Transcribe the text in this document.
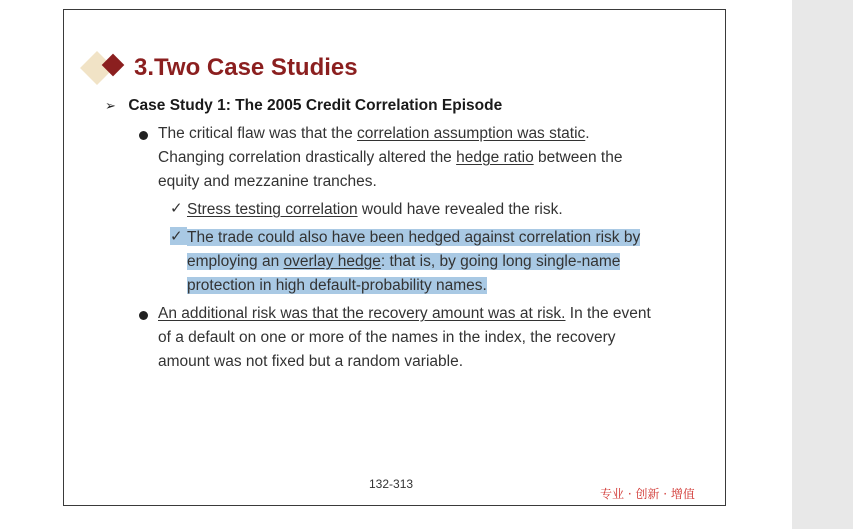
3.Two Case Studies
➢ Case Study 1: The 2005 Credit Correlation Episode
The critical flaw was that the correlation assumption was static.
Changing correlation drastically altered the hedge ratio between the
equity and mezzanine tranches.
✓ Stress testing correlation would have revealed the risk.
✓ The trade could also have been hedged against correlation risk by
employing an overlay hedge: that is, by going long single-name
protection in high default-probability names.
An additional risk was that the recovery amount was at risk. In the event
of a default on one or more of the names in the index, the recovery
amount was not fixed but a random variable.
132-313
专业 · 创新 · 增值
